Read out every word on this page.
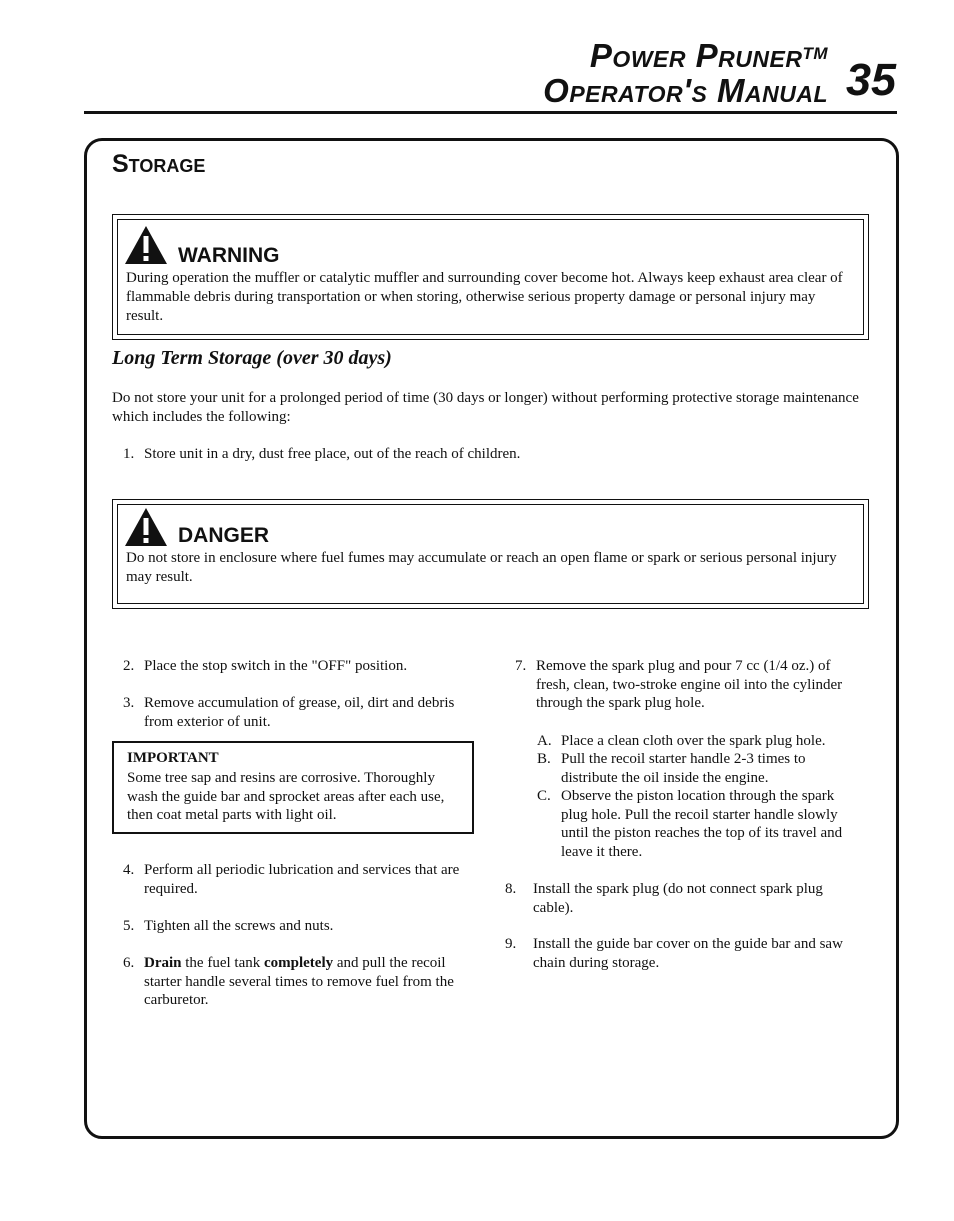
Power Pruner™
Operator's Manual 35
Storage
WARNING
During operation the muffler or catalytic muffler and surrounding cover become hot. Always keep exhaust area clear of flammable debris during transportation or when storing, otherwise serious property damage or personal injury may result.
Long Term Storage (over 30 days)
Do not store your unit for a prolonged period of time (30 days or longer) without performing protective storage maintenance which includes the following:
1. Store unit in a dry, dust free place, out of the reach of children.
DANGER
Do not store in enclosure where fuel fumes may accumulate or reach an open flame or spark or serious personal injury may result.
2. Place the stop switch in the "OFF" position.
3. Remove accumulation of grease, oil, dirt and debris from exterior of unit.
IMPORTANT
Some tree sap and resins are corrosive. Thoroughly wash the guide bar and sprocket areas after each use, then coat metal parts with light oil.
4. Perform all periodic lubrication and services that are required.
5. Tighten all the screws and nuts.
6. Drain the fuel tank completely and pull the recoil starter handle several times to remove fuel from the carburetor.
7. Remove the spark plug and pour 7 cc (1/4 oz.) of fresh, clean, two-stroke engine oil into the cylinder through the spark plug hole.
A. Place a clean cloth over the spark plug hole.
B. Pull the recoil starter handle 2-3 times to distribute the oil inside the engine.
C. Observe the piston location through the spark plug hole. Pull the recoil starter handle slowly until the piston reaches the top of its travel and leave it there.
8.	Install the spark plug (do not connect spark plug cable).
9.	Install the guide bar cover on the guide bar and saw chain during storage.
